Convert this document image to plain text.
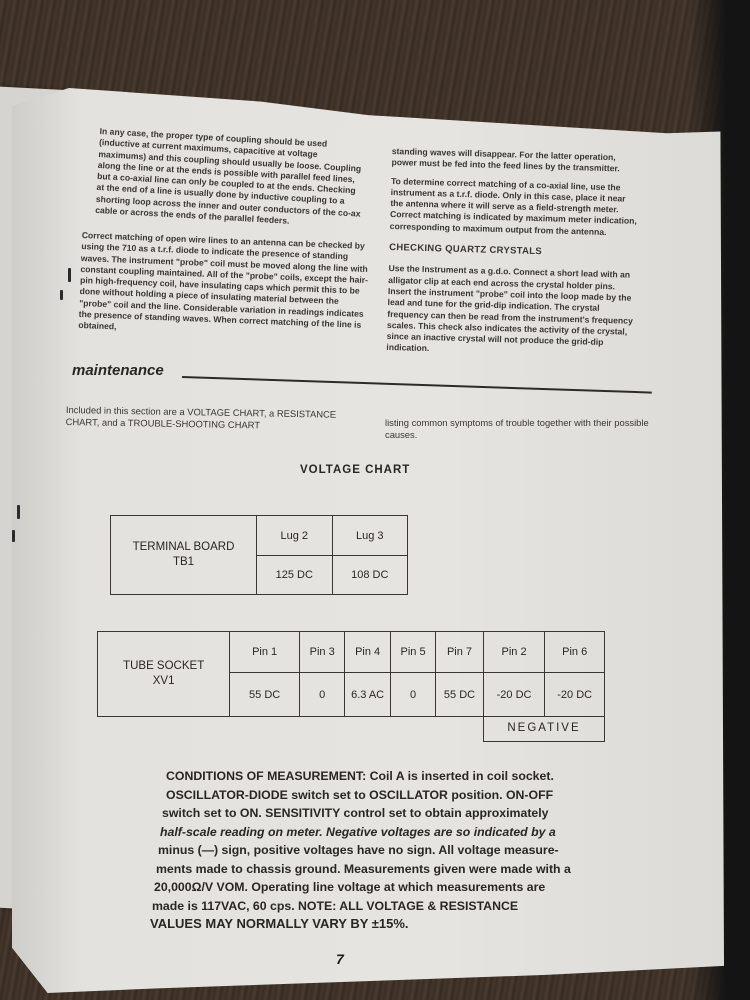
In any case, the proper type of coupling should be used (inductive at current maximums, capacitive at voltage maximums) and this coupling should usually be loose. Coupling along the line or at the ends is possible with parallel feed lines, but a co-axial line can only be coupled to at the ends. Checking at the end of a line is usually done by inductive coupling to a shorting loop across the inner and outer conductors of the co-ax cable or across the ends of the parallel feeders.

Correct matching of open wire lines to an antenna can be checked by using the 710 as a t.r.f. diode to indicate the presence of standing waves. The instrument "probe" coil must be moved along the line with constant coupling maintained. All of the "probe" coils, except the hair-pin high-frequency coil, have insulating caps which permit this to be done without holding a piece of insulating material between the "probe" coil and the line. Considerable variation in readings indicates the presence of standing waves. When correct matching of the line is obtained,

standing waves will disappear. For the latter operation, power must be fed into the feed lines by the transmitter.

To determine correct matching of a co-axial line, use the instrument as a t.r.f. diode. Only in this case, place it near the antenna where it will serve as a field-strength meter. Correct matching is indicated by maximum meter indication, corresponding to maximum output from the antenna.

CHECKING QUARTZ CRYSTALS

Use the Instrument as a g.d.o. Connect a short lead with an alligator clip at each end across the crystal holder pins. Insert the instrument "probe" coil into the loop made by the lead and tune for the grid-dip indication. The crystal frequency can then be read from the instrument's frequency scales. This check also indicates the activity of the crystal, since an inactive crystal will not produce the grid-dip indication.

maintenance
Included in this section are a VOLTAGE CHART, a RESISTANCE CHART, and a TROUBLE-SHOOTING CHART	listing common symptoms of trouble together with their possible causes.
VOLTAGE CHART
TERMINAL BOARD
TB1	Lug 2	Lug 3
	125 DC	108 DC
TUBE SOCKET
XV1	Pin 1	Pin 3	Pin 4	Pin 5	Pin 7	Pin 2	Pin 6
	55 DC	0	6.3 AC	0	55 DC	-20 DC	-20 DC
NEGATIVE
CONDITIONS OF MEASUREMENT: Coil A is inserted in coil socket.
OSCILLATOR-DIODE switch set to OSCILLATOR position. ON-OFF
switch set to ON. SENSITIVITY control set to obtain approximately
half-scale reading on meter. Negative voltages are so indicated by a
minus (—) sign, positive voltages have no sign. All voltage measure-
ments made to chassis ground. Measurements given were made with a
20,000Ω/V VOM. Operating line voltage at which measurements are
made is 117VAC, 60 cps. NOTE: ALL VOLTAGE & RESISTANCE
VALUES MAY NORMALLY VARY BY ±15%.
7
